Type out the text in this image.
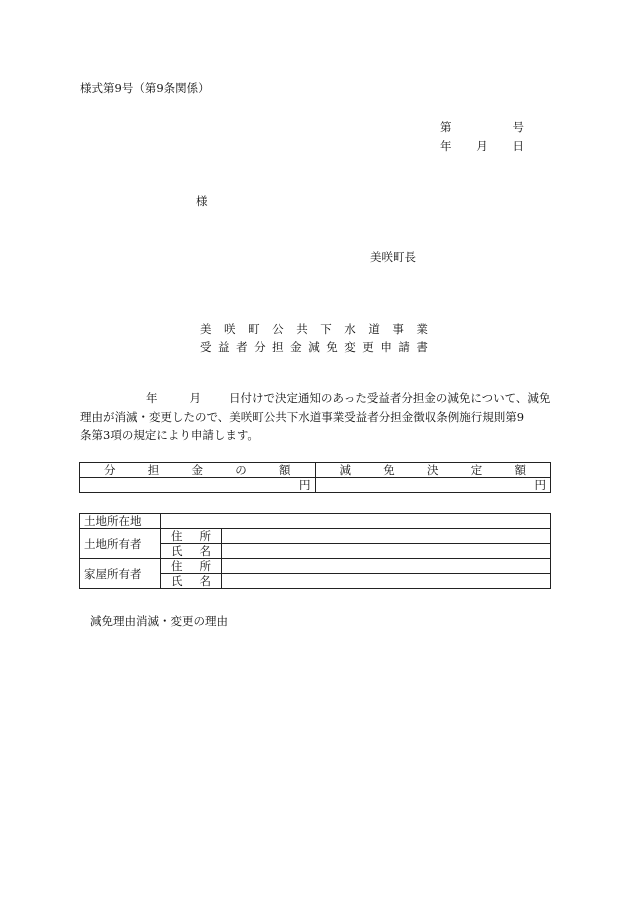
様式第9号（第9条関係）
第	号
年 月 日
様
美咲町長
美 咲 町 公 共 下 水 道 事 業
受 益 者 分 担 金 減 免 変 更 申 請 書
年	月 日付けで決定通知のあった受益者分担金の減免について、減免
理由が消滅・変更したので、美咲町公共下水道事業受益者分担金徴収条例施行規則第9
条第3項の規定により申請します。
分 担 金 の 額	減 免 決 定 額

円	円
土地所在地		
土地所有者	住 所	

	氏 名	

家屋所有者	住 所	

	氏 名	

減免理由消滅・変更の理由
